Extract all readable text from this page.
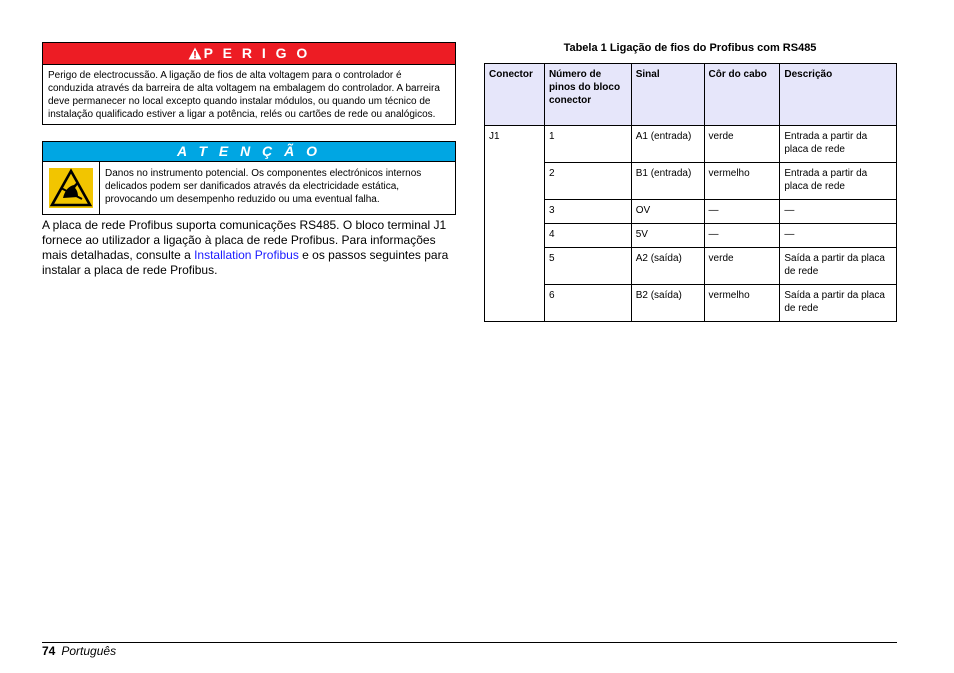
P E R I G O
Perigo de electrocussão. A ligação de fios de alta voltagem para o controlador é conduzida através da barreira de alta voltagem na embalagem do controlador. A barreira deve permanecer no local excepto quando instalar módulos, ou quando um técnico de instalação qualificado estiver a ligar a potência, relés ou cartões de rede ou analógicos.
A T E N Ç Ã O
Danos no instrumento potencial. Os componentes electrónicos internos delicados podem ser danificados através da electricidade estática, provocando um desempenho reduzido ou uma eventual falha.
A placa de rede Profibus suporta comunicações RS485. O bloco terminal J1 fornece ao utilizador a ligação à placa de rede Profibus. Para informações mais detalhadas, consulte a Installation Profibus e os passos seguintes para instalar a placa de rede Profibus.
Tabela 1 Ligação de fios do Profibus com RS485
Conector	Número de pinos do bloco conector	Sinal	Côr do cabo	Descrição
J1	1	A1 (entrada)	verde	Entrada a partir da placa de rede
	2	B1 (entrada)	vermelho	Entrada a partir da placa de rede
	3	OV	—	—
	4	5V	—	—
	5	A2 (saída)	verde	Saída a partir da placa de rede
	6	B2 (saída)	vermelho	Saída a partir da placa de rede
74 Português
